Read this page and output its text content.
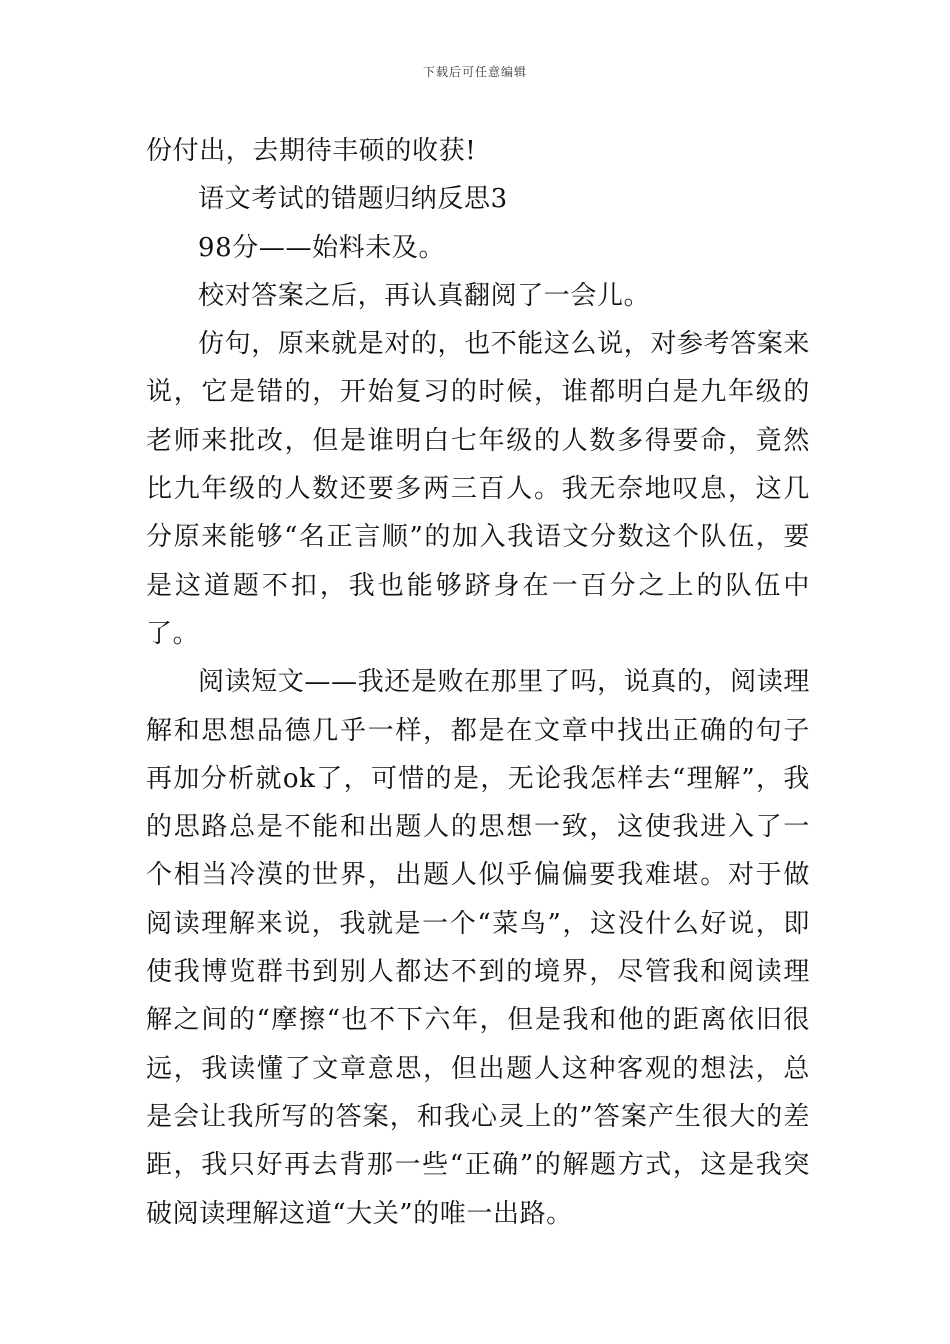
下载后可任意编辑

份付出，去期待丰硕的收获!

语文考试的错题归纳反思3

98分——始料未及。

校对答案之后，再认真翻阅了一会儿。

仿句，原来就是对的，也不能这么说，对参考答案来说，它是错的，开始复习的时候，谁都明白是九年级的老师来批改，但是谁明白七年级的人数多得要命，竟然比九年级的人数还要多两三百人。我无奈地叹息，这几分原来能够“名正言顺”的加入我语文分数这个队伍，要是这道题不扣，我也能够跻身在一百分之上的队伍中了。

阅读短文——我还是败在那里了吗，说真的，阅读理解和思想品德几乎一样，都是在文章中找出正确的句子再加分析就ok了，可惜的是，无论我怎样去“理解”，我的思路总是不能和出题人的思想一致，这使我进入了一个相当冷漠的世界，出题人似乎偏偏要我难堪。对于做阅读理解来说，我就是一个“菜鸟”，这没什么好说，即使我博览群书到别人都达不到的境界，尽管我和阅读理解之间的“摩擦“也不下六年，但是我和他的距离依旧很远，我读懂了文章意思，但出题人这种客观的想法，总是会让我所写的答案，和我心灵上的”答案产生很大的差距，我只好再去背那一些“正确”的解题方式，这是我突破阅读理解这道“大关”的唯一出路。
